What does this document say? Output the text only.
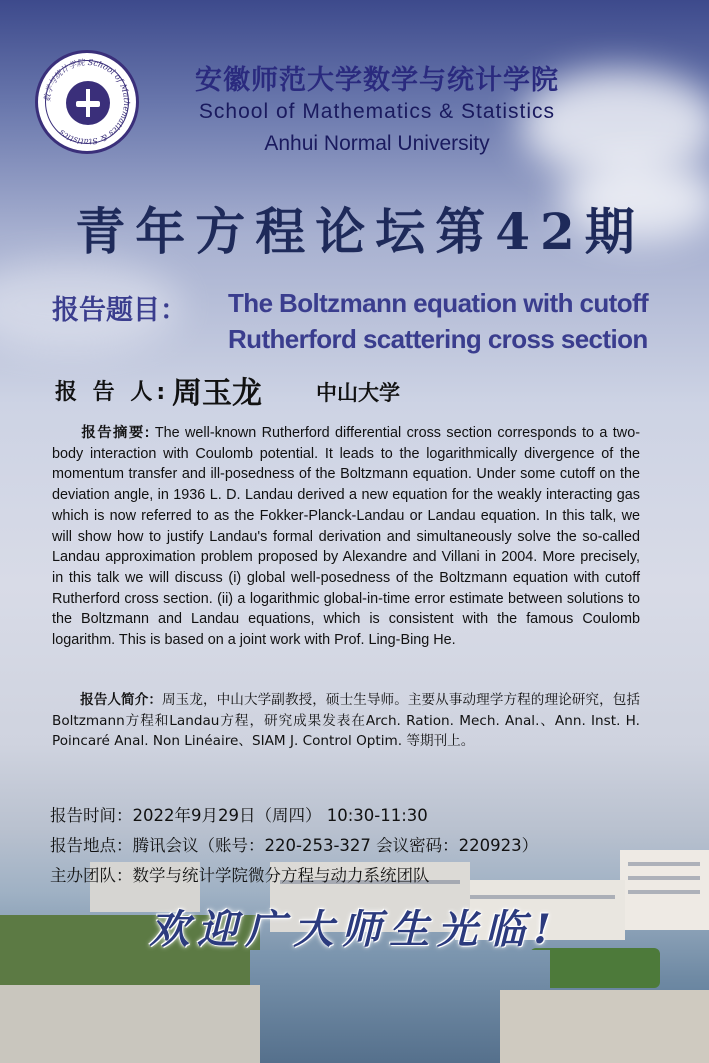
数学与统计学院 School of Mathematics & Statistics
安徽师范大学数学与统计学院
School of Mathematics & Statistics
Anhui Normal University
青年方程论坛第42期
报告题目： The Boltzmann equation with cutoff
Rutherford scattering cross section
报 告 人: 周玉龙	中山大学

报告摘要: The well-known Rutherford differential cross section corresponds to a two-body interaction with Coulomb potential. It leads to the logarithmically divergence of the momentum transfer and ill-posedness of the Boltzmann equation. Under some cutoff on the deviation angle, in 1936 L. D. Landau derived a new equation for the weakly interacting gas which is now referred to as the Fokker-Planck-Landau or Landau equation. In this talk, we will show how to justify Landau's formal derivation and simultaneously solve the so-called Landau approximation problem proposed by Alexandre and Villani in 2004. More precisely, in this talk we will discuss (i) global well-posedness of the Boltzmann equation with cutoff Rutherford cross section. (ii) a logarithmic global-in-time error estimate between solutions to the Boltzmann and Landau equations, which is consistent with the famous Coulomb logarithm. This is based on a joint work with Prof. Ling-Bing He.

报告人简介：周玉龙，中山大学副教授，硕士生导师。主要从事动理学方程的理论研究，包括Boltzmann方程和Landau方程，研究成果发表在Arch. Ration. Mech. Anal.、Ann. Inst. H. Poincaré Anal. Non Linéaire、SIAM J. Control Optim. 等期刊上。

报告时间：2022年9月29日（周四） 10:30-11:30
报告地点：腾讯会议（账号：220-253-327 会议密码：220923）
主办团队：数学与统计学院微分方程与动力系统团队
欢迎广大师生光临!
